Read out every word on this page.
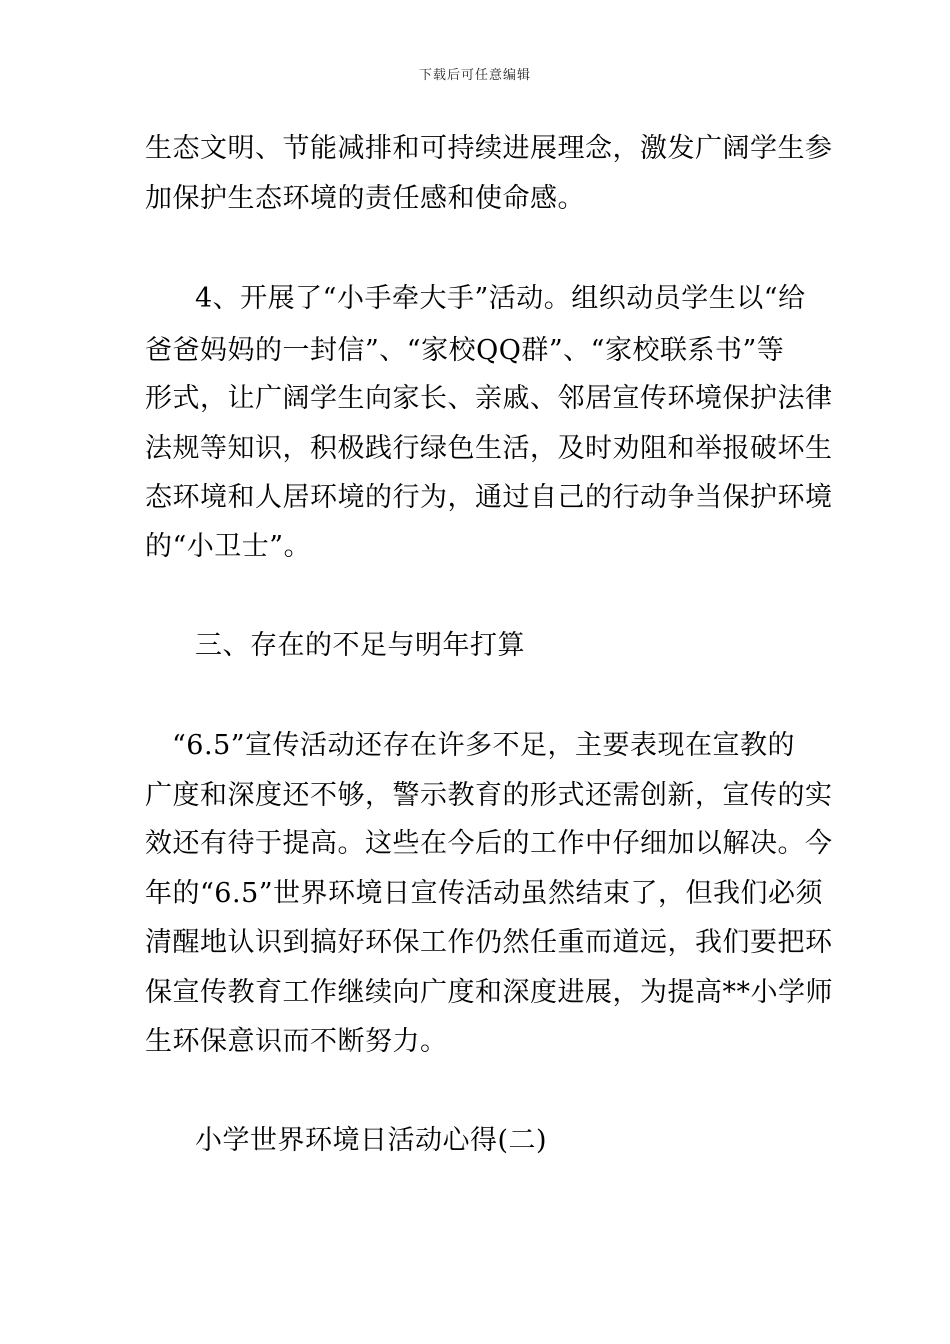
下载后可任意编辑
生态文明、节能减排和可持续进展理念，激发广阔学生参
加保护生态环境的责任感和使命感。
4、开展了“小手牵大手”活动。组织动员学生以“给
爸爸妈妈的一封信”、“家校QQ群”、“家校联系书”等
形式，让广阔学生向家长、亲戚、邻居宣传环境保护法律
法规等知识，积极践行绿色生活，及时劝阻和举报破坏生
态环境和人居环境的行为，通过自己的行动争当保护环境
的“小卫士”。
三、存在的不足与明年打算
“6.5”宣传活动还存在许多不足，主要表现在宣教的
广度和深度还不够，警示教育的形式还需创新，宣传的实
效还有待于提高。这些在今后的工作中仔细加以解决。今
年的“6.5”世界环境日宣传活动虽然结束了，但我们必须
清醒地认识到搞好环保工作仍然任重而道远，我们要把环
保宣传教育工作继续向广度和深度进展，为提高**小学师
生环保意识而不断努力。
小学世界环境日活动心得(二)
